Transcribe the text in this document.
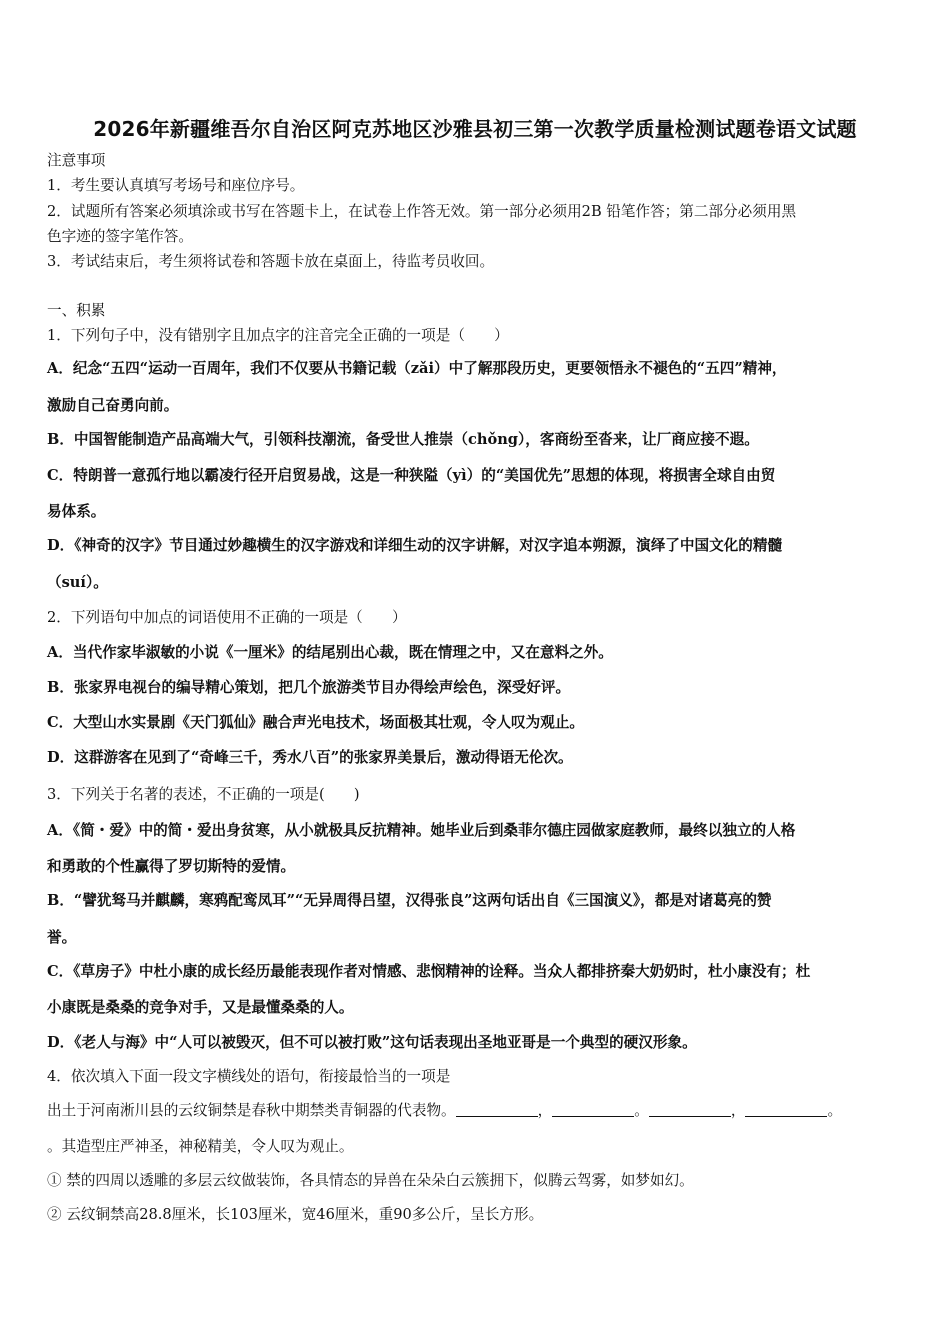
2026年新疆维吾尔自治区阿克苏地区沙雅县初三第一次教学质量检测试题卷语文试题
注意事项
1．考生要认真填写考场号和座位序号。
2．试题所有答案必须填涂或书写在答题卡上，在试卷上作答无效。第一部分必须用2B 铅笔作答；第二部分必须用黑
色字迹的签字笔作答。
3．考试结束后，考生须将试卷和答题卡放在桌面上，待监考员收回。
一、积累
1．下列句子中，没有错别字且加点字的注音完全正确的一项是（　　）
A．纪念“五四“运动一百周年，我们不仅要从书籍记载（zǎi）中了解那段历史，更要领悟永不褪色的“五四”精神，
激励自己奋勇向前。
B．中国智能制造产品高端大气，引领科技潮流，备受世人推崇（chǒng），客商纷至沓来，让厂商应接不遐。
C．特朗普一意孤行地以霸凌行径开启贸易战，这是一种狭隘（yì）的“美国优先”思想的体现，将损害全球自由贸
易体系。
D．《神奇的汉字》节目通过妙趣横生的汉字游戏和详细生动的汉字讲解，对汉字追本朔源，演绎了中国文化的精髓
（suí）。
2．下列语句中加点的词语使用不正确的一项是（　　）
A．当代作家毕淑敏的小说《一厘米》的结尾别出心裁，既在情理之中，又在意料之外。
B．张家界电视台的编导精心策划，把几个旅游类节目办得绘声绘色，深受好评。
C．大型山水实景剧《天门狐仙》融合声光电技术，场面极其壮观，令人叹为观止。
D．这群游客在见到了“奇峰三千，秀水八百”的张家界美景后，激动得语无伦次。
3．下列关于名著的表述，不正确的一项是(　　)
A．《简・爱》中的简・爱出身贫寒，从小就极具反抗精神。她毕业后到桑菲尔德庄园做家庭教师，最终以独立的人格
和勇敢的个性赢得了罗切斯特的爱情。
B．“譬犹驽马并麒麟，寒鸦配鸾凤耳”“无异周得吕望，汉得张良”这两句话出自《三国演义》，都是对诸葛亮的赞
誉。
C．《草房子》中杜小康的成长经历最能表现作者对情感、悲悯精神的诠释。当众人都排挤秦大奶奶时，杜小康没有；杜
小康既是桑桑的竞争对手，又是最懂桑桑的人。
D．《老人与海》中“人可以被毁灭，但不可以被打败”这句话表现出圣地亚哥是一个典型的硬汉形象。
4．依次填入下面一段文字横线处的语句，衔接最恰当的一项是
出土于河南淅川县的云纹铜禁是春秋中期禁类青铜器的代表物。	，	。	，	。
。其造型庄严神圣，神秘精美，令人叹为观止。
① 禁的四周以透雕的多层云纹做装饰，各具情态的异兽在朵朵白云簇拥下，似腾云驾雾，如梦如幻。
② 云纹铜禁高28.8厘米，长103厘米，宽46厘米，重90多公斤，呈长方形。
